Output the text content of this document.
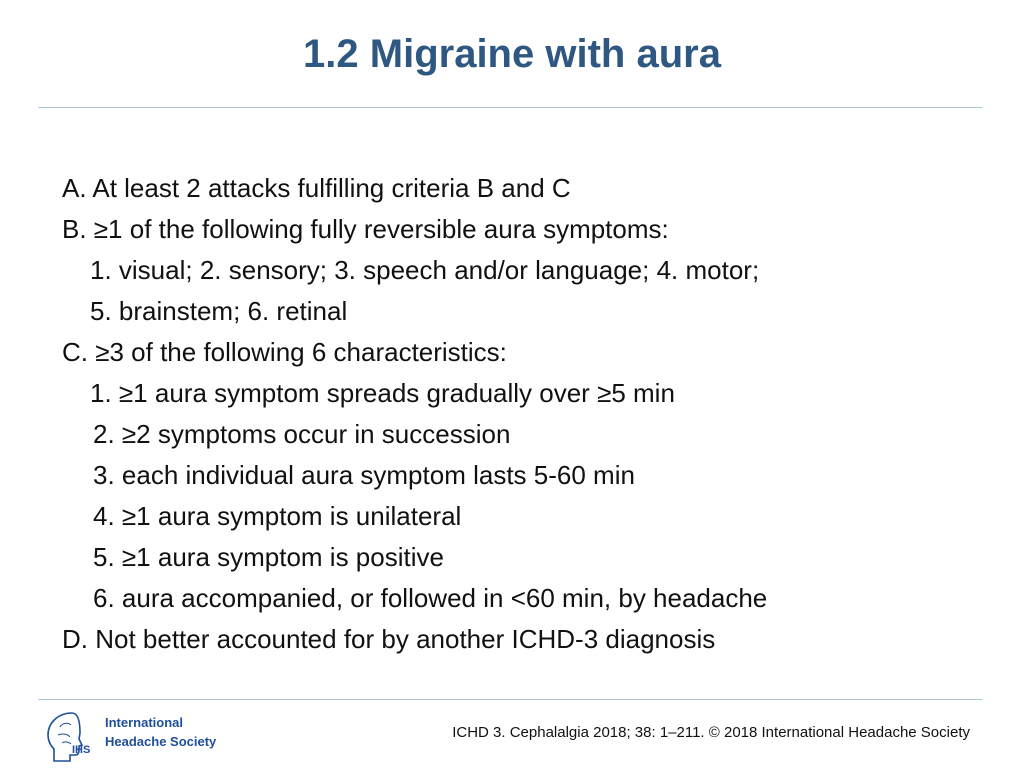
1.2 Migraine with aura
A. At least 2 attacks fulfilling criteria B and C
B. ≥1 of the following fully reversible aura symptoms:
1. visual; 2. sensory; 3. speech and/or language; 4. motor;
5. brainstem; 6. retinal
C. ≥3 of the following 6 characteristics:
1. ≥1 aura symptom spreads gradually over ≥5 min
2. ≥2 symptoms occur in succession
3. each individual aura symptom lasts 5-60 min
4. ≥1 aura symptom is unilateral
5. ≥1 aura symptom is positive
6. aura accompanied, or followed in <60 min, by headache
D. Not better accounted for by another ICHD-3 diagnosis
IHS
International
Headache Society
ICHD 3. Cephalalgia 2018; 38: 1–211. © 2018 International Headache Society
